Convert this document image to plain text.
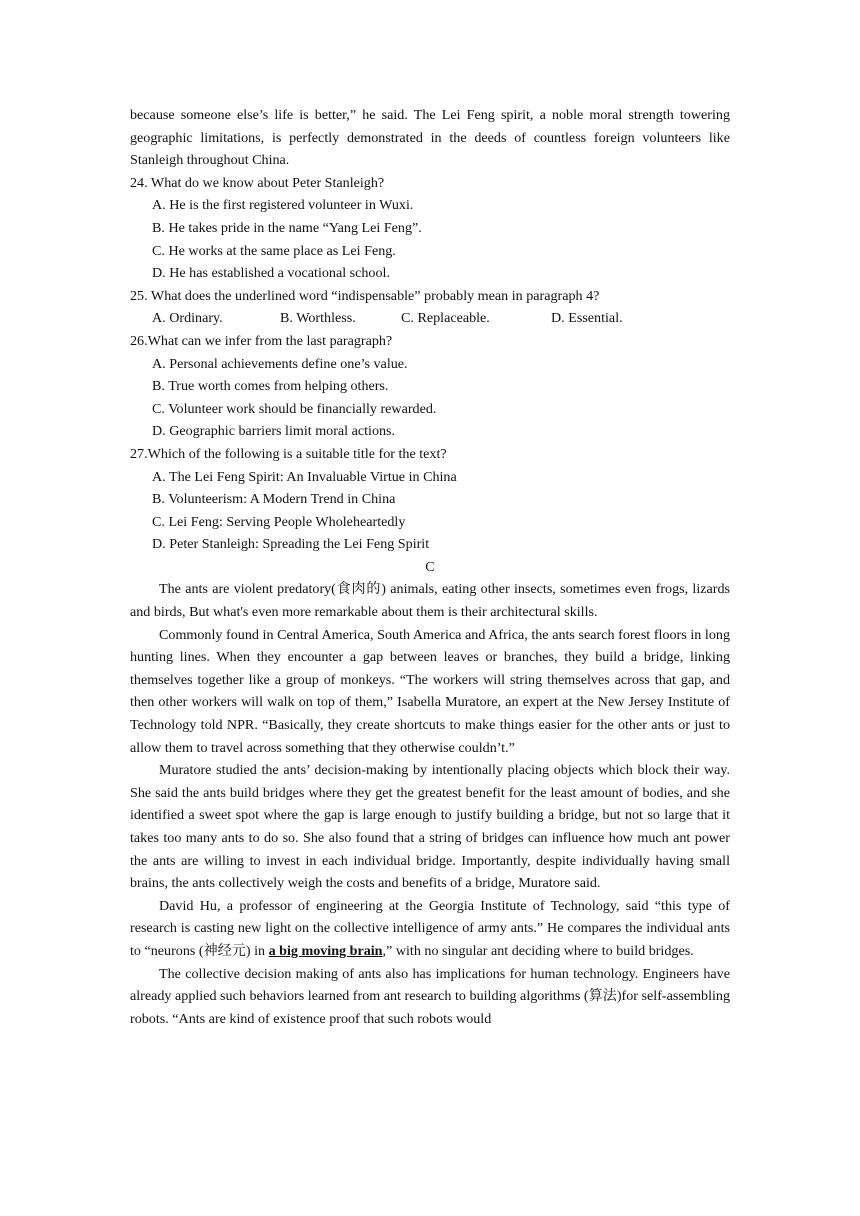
because someone else’s life is better,” he said. The Lei Feng spirit, a noble moral strength towering geographic limitations, is perfectly demonstrated in the deeds of countless foreign volunteers like Stanleigh throughout China.

24. What do we know about Peter Stanleigh?

A. He is the first registered volunteer in Wuxi.

B. He takes pride in the name “Yang Lei Feng”.

C. He works at the same place as Lei Feng.

D. He has established a vocational school.

25. What does the underlined word “indispensable” probably mean in paragraph 4?

A. Ordinary.	B. Worthless.	C. Replaceable.	D. Essential.

26.What can we infer from the last paragraph?

A. Personal achievements define one’s value.

B. True worth comes from helping others.

C. Volunteer work should be financially rewarded.

D. Geographic barriers limit moral actions.

27.Which of the following is a suitable title for the text?

A. The Lei Feng Spirit: An Invaluable Virtue in China

B. Volunteerism: A Modern Trend in China

C. Lei Feng: Serving People Wholeheartedly

D. Peter Stanleigh: Spreading the Lei Feng Spirit

C

The ants are violent predatory(食肉的) animals, eating other insects, sometimes even frogs, lizards and birds, But what's even more remarkable about them is their architectural skills.

Commonly found in Central America, South America and Africa, the ants search forest floors in long hunting lines. When they encounter a gap between leaves or branches, they build a bridge, linking themselves together like a group of monkeys. “The workers will string themselves across that gap, and then other workers will walk on top of them,” Isabella Muratore, an expert at the New Jersey Institute of Technology told NPR. “Basically, they create shortcuts to make things easier for the other ants or just to allow them to travel across something that they otherwise couldn’t.”

Muratore studied the ants’ decision-making by intentionally placing objects which block their way. She said the ants build bridges where they get the greatest benefit for the least amount of bodies, and she identified a sweet spot where the gap is large enough to justify building a bridge, but not so large that it takes too many ants to do so. She also found that a string of bridges can influence how much ant power the ants are willing to invest in each individual bridge. Importantly, despite individually having small brains, the ants collectively weigh the costs and benefits of a bridge, Muratore said.

David Hu, a professor of engineering at the Georgia Institute of Technology, said “this type of research is casting new light on the collective intelligence of army ants.” He compares the individual ants to “neurons (神经元) in a big moving brain,” with no singular ant deciding where to build bridges.

The collective decision making of ants also has implications for human technology. Engineers have already applied such behaviors learned from ant research to building algorithms (算法)for self-assembling robots. “Ants are kind of existence proof that such robots would
